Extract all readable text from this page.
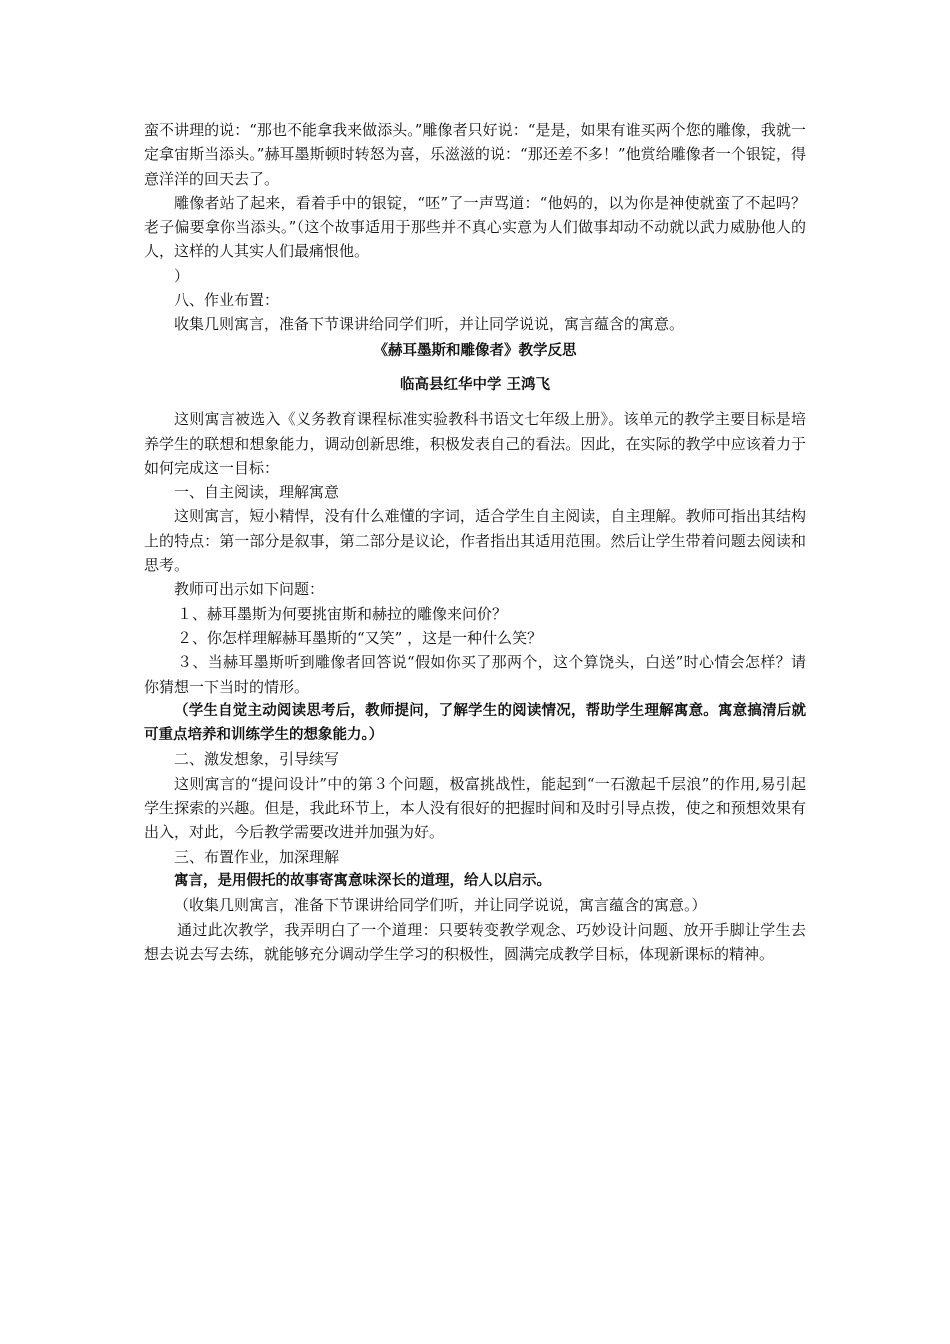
蛮不讲理的说：“那也不能拿我来做添头。”雕像者只好说：“是是，如果有谁买两个您的雕像，我就一定拿宙斯当添头。”赫耳墨斯顿时转怒为喜，乐滋滋的说：“那还差不多！”他赏给雕像者一个银锭，得意洋洋的回天去了。

雕像者站了起来，看着手中的银锭，“呸”了一声骂道：“他妈的，以为你是神使就蛮了不起吗？老子偏要拿你当添头。”（这个故事适用于那些并不真心实意为人们做事却动不动就以武力威胁他人的人，这样的人其实人们最痛恨他。

）

八、作业布置：

收集几则寓言，准备下节课讲给同学们听，并让同学说说，寓言蕴含的寓意。

《赫耳墨斯和雕像者》教学反思

临高县红华中学 王鸿飞

这则寓言被选入《义务教育课程标准实验教科书语文七年级上册》。该单元的教学主要目标是培养学生的联想和想象能力，调动创新思维，积极发表自己的看法。因此，在实际的教学中应该着力于如何完成这一目标：

一、自主阅读，理解寓意

这则寓言，短小精悍，没有什么难懂的字词，适合学生自主阅读，自主理解。教师可指出其结构上的特点：第一部分是叙事，第二部分是议论，作者指出其适用范围。然后让学生带着问题去阅读和思考。

教师可出示如下问题：

１、赫耳墨斯为何要挑宙斯和赫拉的雕像来问价？

２、你怎样理解赫耳墨斯的“又笑” ，这是一种什么笑？

３、当赫耳墨斯听到雕像者回答说“假如你买了那两个，这个算饶头，白送”时心情会怎样？请你猜想一下当时的情形。

（学生自觉主动阅读思考后，教师提问，了解学生的阅读情况，帮助学生理解寓意。寓意搞清后就可重点培养和训练学生的想象能力。）

二、激发想象，引导续写

这则寓言的“提问设计”中的第３个问题，极富挑战性，能起到“一石激起千层浪”的作用,易引起学生探索的兴趣。但是，我此环节上，本人没有很好的把握时间和及时引导点拨，使之和预想效果有出入，对此，今后教学需要改进并加强为好。

三、布置作业，加深理解

寓言，是用假托的故事寄寓意味深长的道理，给人以启示。

（收集几则寓言，准备下节课讲给同学们听，并让同学说说，寓言蕴含的寓意。）

通过此次教学，我弄明白了一个道理：只要转变教学观念、巧妙设计问题、放开手脚让学生去想去说去写去练，就能够充分调动学生学习的积极性，圆满完成教学目标，体现新课标的精神。
